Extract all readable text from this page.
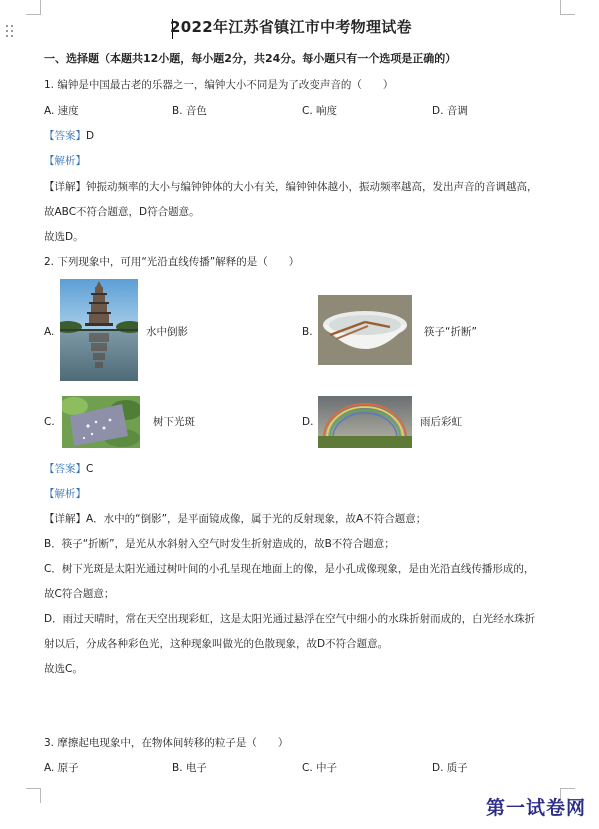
2022年江苏省镇江市中考物理试卷
一、选择题（本题共12小题，每小题2分，共24分。每小题只有一个选项是正确的）
1. 编钟是中国最古老的乐器之一，编钟大小不同是为了改变声音的（　　）
A. 速度	B. 音色	C. 响度	D. 音调
【答案】D
【解析】
【详解】钟振动频率的大小与编钟钟体的大小有关，编钟钟体越小，振动频率越高，发出声音的音调越高，
故ABC不符合题意，D符合题意。
故选D。
2. 下列现象中，可用“光沿直线传播”解释的是（　　）
A.	水中倒影	B.	筷子“折断”
C.	树下光斑	D.	雨后彩虹
【答案】C
【解析】
【详解】A．水中的“倒影”，是平面镜成像，属于光的反射现象，故A不符合题意；
B．筷子“折断”，是光从水斜射入空气时发生折射造成的，故B不符合题意；
C．树下光斑是太阳光通过树叶间的小孔呈现在地面上的像，是小孔成像现象，是由光沿直线传播形成的，
故C符合题意；
D．雨过天晴时，常在天空出现彩虹，这是太阳光通过悬浮在空气中细小的水珠折射而成的，白光经水珠折
射以后，分成各种彩色光，这种现象叫做光的色散现象，故D不符合题意。
故选C。
3. 摩擦起电现象中，在物体间转移的粒子是（　　）
A. 原子	B. 电子	C. 中子	D. 质子
第一试卷网
